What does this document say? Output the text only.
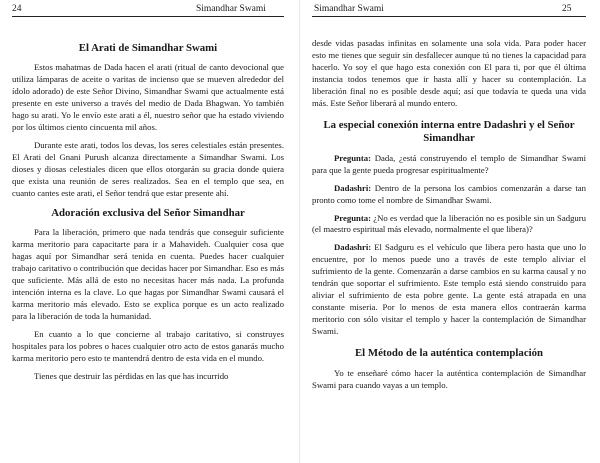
24	Simandhar Swami
El Arati de Simandhar Swami

Estos mahatmas de Dada hacen el arati (ritual de canto devocional que utiliza lámparas de aceite o varitas de incienso que se mueven alrededor del ídolo adorado) de este Señor Divino, Simandhar Swami que actualmente está presente en este universo a través del medio de Dada Bhagwan. Yo también hago su arati. Yo le envío este arati a él, nuestro señor que ha estado viviendo por los últimos ciento cincuenta mil años.

Durante este arati, todos los devas, los seres celestiales están presentes. El Arati del Gnani Purush alcanza directamente a Simandhar Swami. Los dioses y diosas celestiales dicen que ellos otorgarán su gracia donde quiera que exista una reunión de seres realizados. Sea en el templo que sea, en cuanto cantes este arati, el Señor tendrá que estar presente ahí.

Adoración exclusiva del Señor Simandhar

Para la liberación, primero que nada tendrás que conseguir suficiente karma meritorio para capacitarte para ir a Mahavideh. Cualquier cosa que hagas aquí por Simandhar será tenida en cuenta. Puedes hacer cualquier trabajo caritativo o contribución que decidas hacer por Simandhar. Eso es más que suficiente. Más allá de esto no necesitas hacer más nada. La profunda intención interna es la clave. Lo que hagas por Simandhar Swami causará el karma meritorio más elevado. Esto se explica porque es un acto realizado para la liberación de toda la humanidad.

En cuanto a lo que concierne al trabajo caritativo, si construyes hospitales para los pobres o haces cualquier otro acto de estos ganarás mucho karma meritorio pero esto te mantendrá dentro de esta vida en el mundo.

Tienes que destruir las pérdidas en las que has incurrido

Simandhar Swami	25

desde vidas pasadas infinitas en solamente una sola vida. Para poder hacer esto me tienes que seguir sin desfallecer aunque tú no tienes la capacidad para hacerlo. Yo soy el que hago esta conexión con El para ti, por que él última instancia todos tenemos que ir hasta allí y hacer su contemplación. La liberación final no es posible desde aquí; así que todavía te queda una vida más. Este Señor liberará al mundo entero.

La especial conexión interna entre Dadashri y el Señor Simandhar

Pregunta: Dada, ¿está construyendo el templo de Simandhar Swami para que la gente pueda progresar espiritualmente?

Dadashri: Dentro de la persona los cambios comenzarán a darse tan pronto como tome el nombre de Simandhar Swami.

Pregunta: ¿No es verdad que la liberación no es posible sin un Sadguru (el maestro espiritual más elevado, normalmente el que libera)?

Dadashri: El Sadguru es el vehículo que libera pero hasta que uno lo encuentre, por lo menos puede uno a través de este templo aliviar el sufrimiento de la gente. Comenzarán a darse cambios en su karma causal y no tendrán que soportar el sufrimiento. Este templo está siendo construido para aliviar el sufrimiento de esta pobre gente. La gente está atrapada en una constante miseria. Por lo menos de esta manera ellos contraerán karma meritorio con sólo visitar el templo y hacer la contemplación de Simandhar Swami.

El Método de la auténtica contemplación

Yo te enseñaré cómo hacer la auténtica contemplación de Simandhar Swami para cuando vayas a un templo.
